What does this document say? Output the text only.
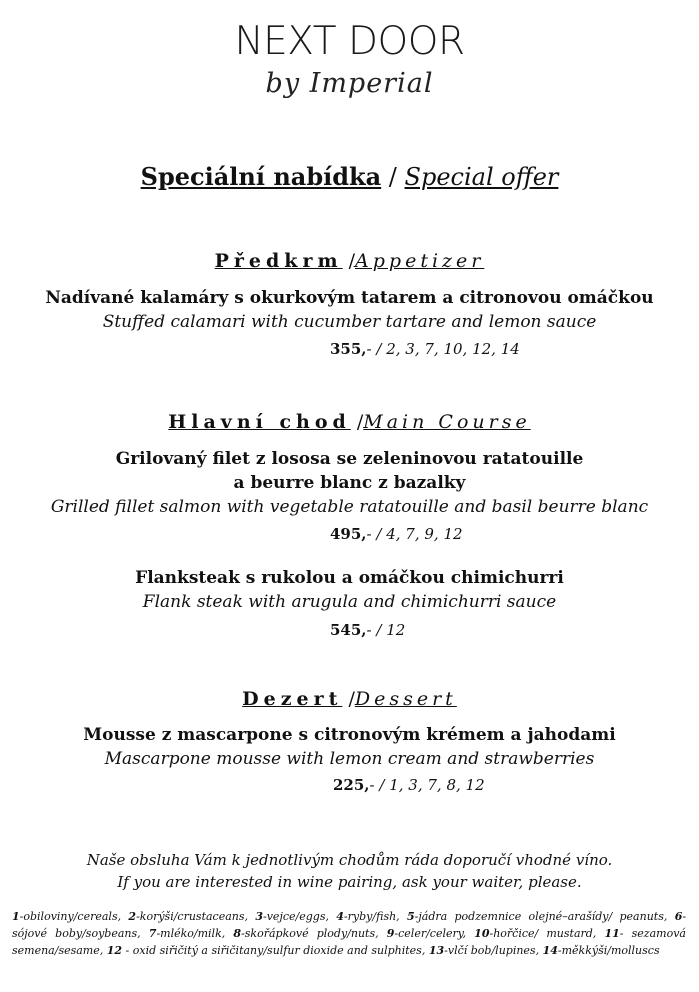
NEXT DOOR
by Imperial
Speciální nabídka / Special offer
Předkrm /Appetizer
Nadívané kalamáry s okurkovým tatarem a citronovou omáčkou
Stuffed calamari with cucumber tartare and lemon sauce
355,- / 2, 3, 7, 10, 12, 14
Hlavní chod /Main Course
Grilovaný filet z lososa se zeleninovou ratatouille
a beurre blanc z bazalky
Grilled fillet salmon with vegetable ratatouille and basil beurre blanc
495,- / 4, 7, 9, 12
Flanksteak s rukolou a omáčkou chimichurri
Flank steak with arugula and chimichurri sauce
545,- / 12
Dezert /Dessert
Mousse z mascarpone s citronovým krémem a jahodami
Mascarpone mousse with lemon cream and strawberries
225,- / 1, 3, 7, 8, 12
Naše obsluha Vám k jednotlivým chodům ráda doporučí vhodné víno.
If you are interested in wine pairing, ask your waiter, please.
1-obiloviny/cereals, 2-korýši/crustaceans, 3-vejce/eggs, 4-ryby/fish, 5-jádra podzemnice olejné–arašídy/ peanuts, 6-sójové boby/soybeans, 7-mléko/milk, 8-skořápkové plody/nuts, 9-celer/celery, 10-hořčice/ mustard, 11- sezamová semena/sesame, 12 - oxid siřičitý a siřičitany/sulfur dioxide and sulphites, 13-vlčí bob/lupines, 14-měkkýši/molluscs
